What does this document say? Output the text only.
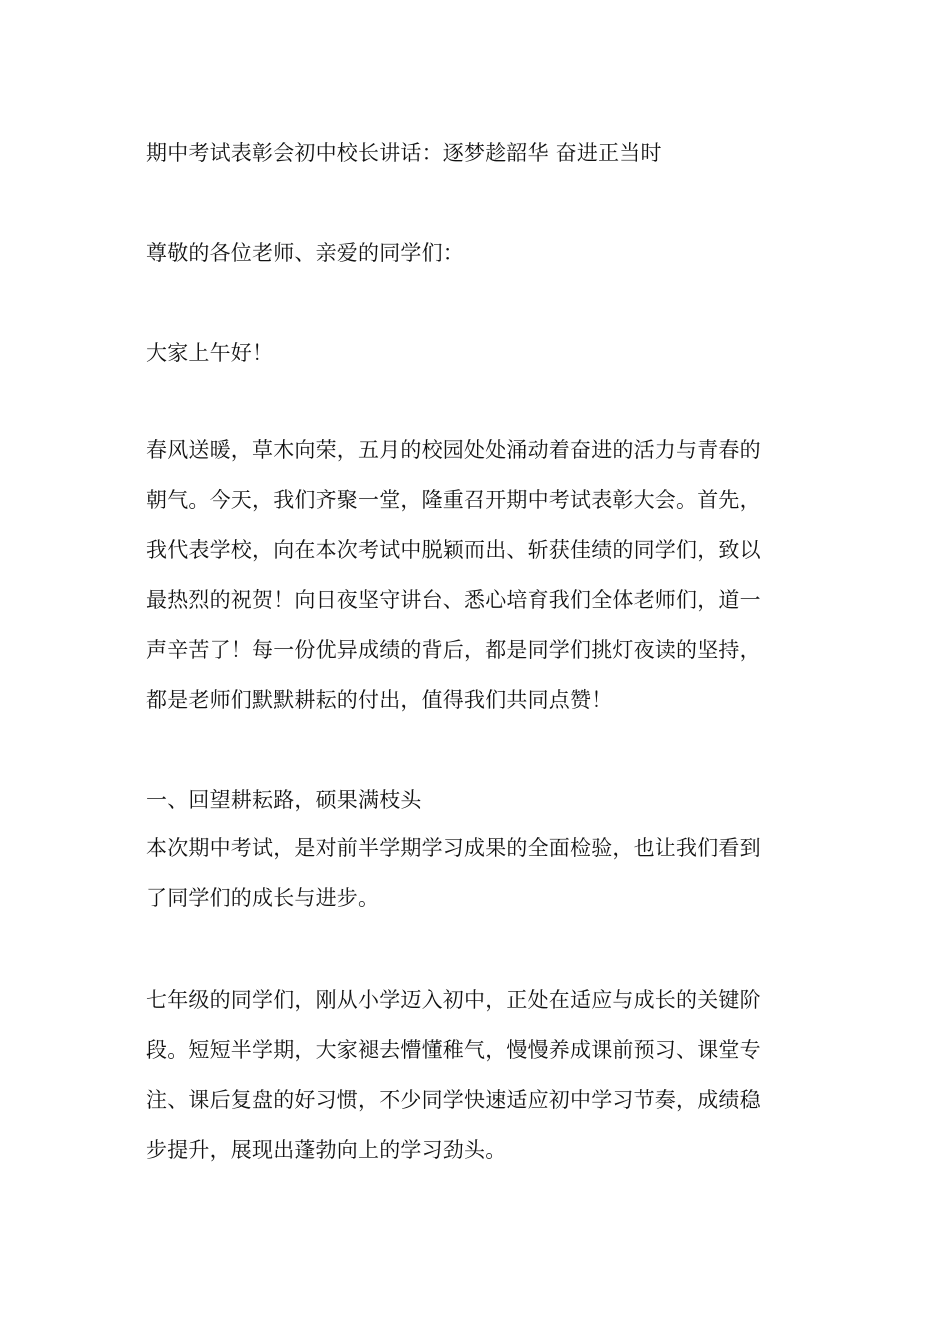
期中考试表彰会初中校长讲话：逐梦趁韶华 奋进正当时
尊敬的各位老师、亲爱的同学们：
大家上午好！
春风送暖，草木向荣，五月的校园处处涌动着奋进的活力与青春的
朝气。今天，我们齐聚一堂，隆重召开期中考试表彰大会。首先，
我代表学校，向在本次考试中脱颖而出、斩获佳绩的同学们，致以
最热烈的祝贺！向日夜坚守讲台、悉心培育我们全体老师们，道一
声辛苦了！每一份优异成绩的背后，都是同学们挑灯夜读的坚持，
都是老师们默默耕耘的付出，值得我们共同点赞！
一、回望耕耘路，硕果满枝头
本次期中考试，是对前半学期学习成果的全面检验，也让我们看到
了同学们的成长与进步。
七年级的同学们，刚从小学迈入初中，正处在适应与成长的关键阶
段。短短半学期，大家褪去懵懂稚气，慢慢养成课前预习、课堂专
注、课后复盘的好习惯，不少同学快速适应初中学习节奏，成绩稳
步提升，展现出蓬勃向上的学习劲头。
